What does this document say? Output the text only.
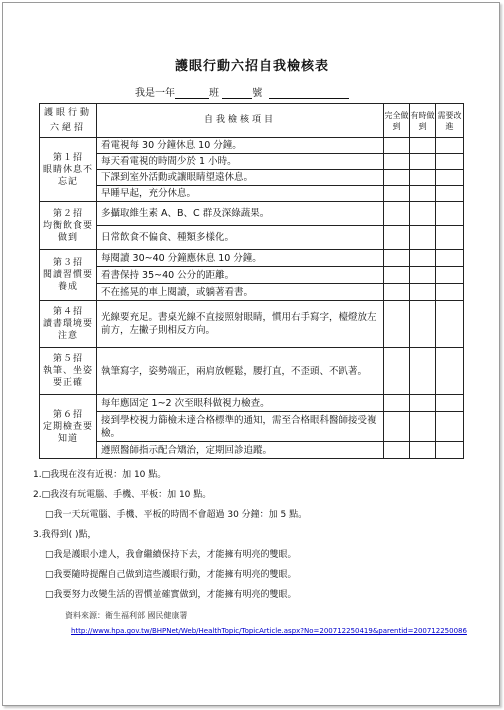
護眼行動六招自我檢核表
我是一年	班	號
護眼行動六絕招	自我檢核項目	完全做到	有時做到	需要改進

第１招
眼睛休息不忘記	看電視每 30 分鐘休息 10 分鐘。			
	每天看電視的時間少於 1 小時。			
	下課到室外活動或讓眼睛望遠休息。			
	早睡早起，充分休息。			

第２招
均衡飲食要做到	多攝取維生素 A、B、C 群及深綠蔬果。			
	日常飲食不偏食、種類多樣化。			

第３招
閱讀習慣要養成	每閱讀 30~40 分鐘應休息 10 分鐘。			
	看書保持 35~40 公分的距離。			
	不在搖晃的車上閱讀，或躺著看書。			

第４招
讀書環境要注意	光線要充足。書桌光線不直接照射眼睛，慣用右手寫字，檯燈放左前方，左撇子則相反方向。			

第５招
執筆、坐姿要正確	執筆寫字，姿勢端正，兩肩放輕鬆，腰打直，不歪頭、不趴著。			

第６招
定期檢查要知道	每年應固定 1~2 次至眼科做視力檢查。			
	接到學校視力篩檢未達合格標準的通知，需至合格眼科醫師接受複檢。			
	遵照醫師指示配合矯治，定期回診追蹤。			
1.□我現在沒有近視：加 10 點。
2.□我沒有玩電腦、手機、平板：加 10 點。
□我一天玩電腦、手機、平板的時間不會超過 30 分鐘：加 5 點。
3.我得到( )點，
□我是護眼小達人，我會繼續保持下去，才能擁有明亮的雙眼。
□我要隨時提醒自己做到這些護眼行動，才能擁有明亮的雙眼。
□我要努力改變生活的習慣並確實做到，才能擁有明亮的雙眼。
資料來源：衛生福利部 國民健康署
http://www.hpa.gov.tw/BHPNet/Web/HealthTopic/TopicArticle.aspx?No=200712250419&parentid=200712250086
